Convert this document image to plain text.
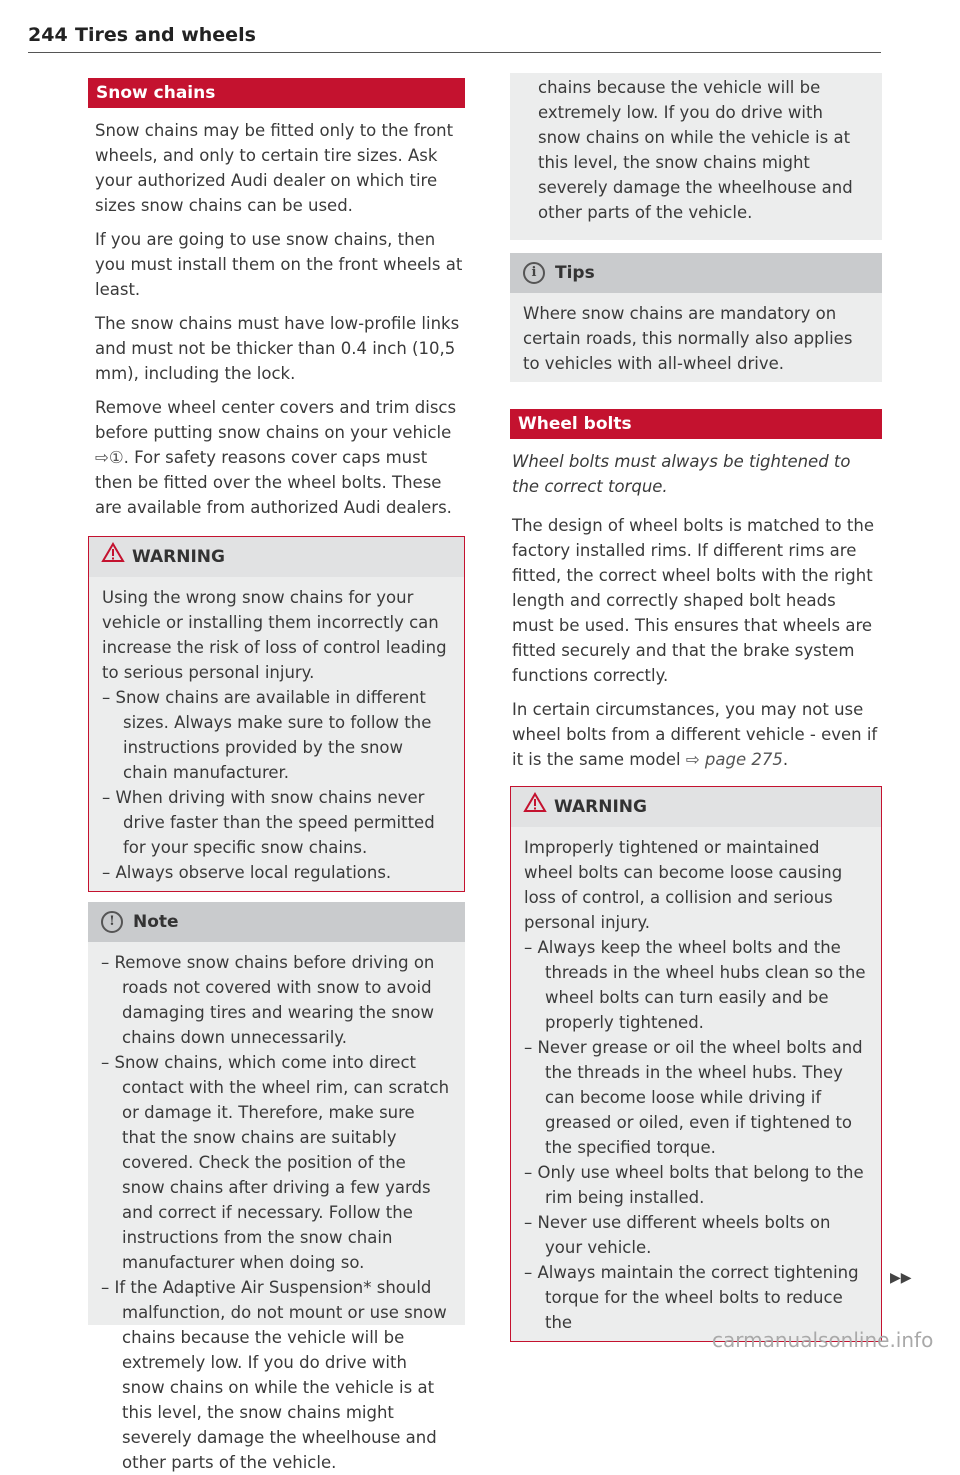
244 Tires and wheels
Snow chains

Snow chains may be fitted only to the front wheels, and only to certain tire sizes. Ask your authorized Audi dealer on which tire sizes snow chains can be used.

If you are going to use snow chains, then you must install them on the front wheels at least.

The snow chains must have low-profile links and must not be thicker than 0.4 inch (10,5 mm), including the lock.

Remove wheel center covers and trim discs before putting snow chains on your vehicle ⇨①. For safety reasons cover caps must then be fitted over the wheel bolts. These are available from authorized Audi dealers.

WARNING

Using the wrong snow chains for your vehicle or installing them incorrectly can increase the risk of loss of control leading to serious personal injury.

– Snow chains are available in different sizes. Always make sure to follow the instructions provided by the snow chain manufacturer.

– When driving with snow chains never drive faster than the speed permitted for your specific snow chains.

– Always observe local regulations.

! Note

– Remove snow chains before driving on roads not covered with snow to avoid damaging tires and wearing the snow chains down unnecessarily.

– Snow chains, which come into direct contact with the wheel rim, can scratch or damage it. Therefore, make sure that the snow chains are suitably covered. Check the position of the snow chains after driving a few yards and correct if necessary. Follow the instructions from the snow chain manufacturer when doing so.

– If the Adaptive Air Suspension* should malfunction, do not mount or use snow chains because the vehicle will be extremely low. If you do drive with snow chains on while the vehicle is at this level, the snow chains might severely damage the wheelhouse and other parts of the vehicle.

chains because the vehicle will be extremely low. If you do drive with snow chains on while the vehicle is at this level, the snow chains might severely damage the wheelhouse and other parts of the vehicle.

i Tips

Where snow chains are mandatory on certain roads, this normally also applies to vehicles with all-wheel drive.

Wheel bolts

Wheel bolts must always be tightened to the correct torque.

The design of wheel bolts is matched to the factory installed rims. If different rims are fitted, the correct wheel bolts with the right length and correctly shaped bolt heads must be used. This ensures that wheels are fitted securely and that the brake system functions correctly.

In certain circumstances, you may not use wheel bolts from a different vehicle - even if it is the same model ⇨ page 275.

WARNING

Improperly tightened or maintained wheel bolts can become loose causing loss of control, a collision and serious personal injury.

– Always keep the wheel bolts and the threads in the wheel hubs clean so the wheel bolts can turn easily and be properly tightened.

– Never grease or oil the wheel bolts and the threads in the wheel hubs. They can become loose while driving if greased or oiled, even if tightened to the specified torque.

– Only use wheel bolts that belong to the rim being installed.

– Never use different wheels bolts on your vehicle.

– Always maintain the correct tightening torque for the wheel bolts to reduce the

▶▶
carmanualsonline.info
